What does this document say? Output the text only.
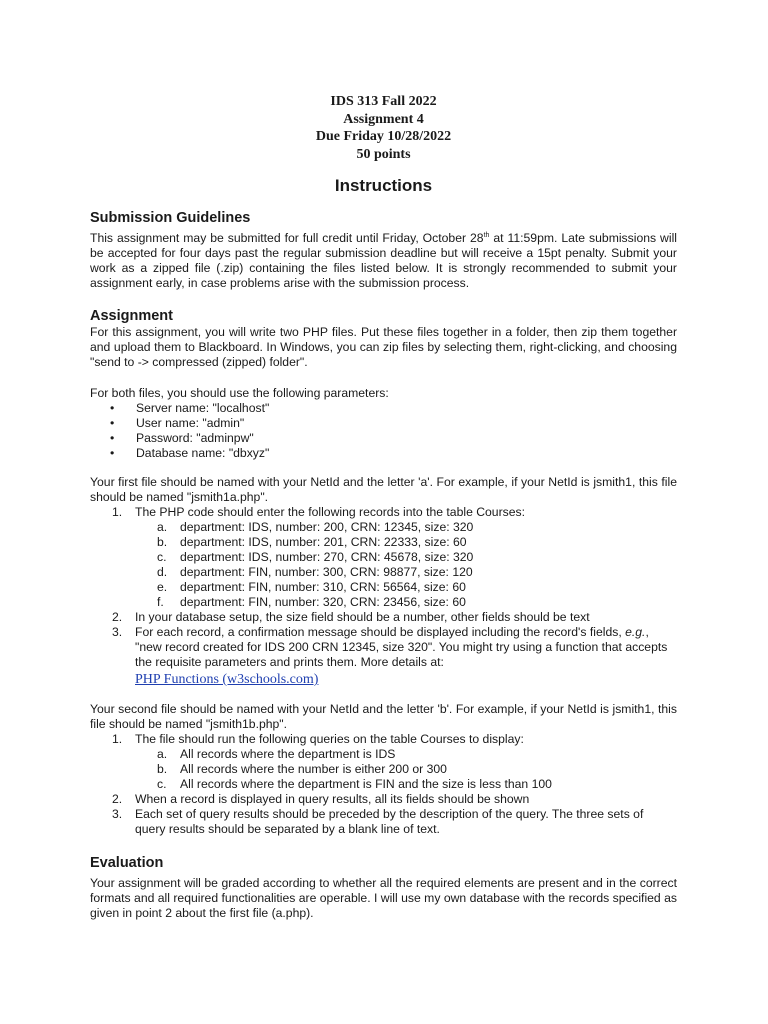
IDS 313 Fall 2022
Assignment 4
Due Friday 10/28/2022
50 points
Instructions
Submission Guidelines

This assignment may be submitted for full credit until Friday, October 28th at 11:59pm. Late submissions will be accepted for four days past the regular submission deadline but will receive a 15pt penalty. Submit your work as a zipped file (.zip) containing the files listed below. It is strongly recommended to submit your assignment early, in case problems arise with the submission process.

Assignment

For this assignment, you will write two PHP files. Put these files together in a folder, then zip them together and upload them to Blackboard. In Windows, you can zip files by selecting them, right-clicking, and choosing "send to -> compressed (zipped) folder".

For both files, you should use the following parameters:

• Server name: "localhost"
• User name: "admin"
• Password: "adminpw"
• Database name: "dbxyz"

Your first file should be named with your NetId and the letter 'a'. For example, if your NetId is jsmith1, this file should be named "jsmith1a.php".

1. The PHP code should enter the following records into the table Courses:
a. department: IDS, number: 200, CRN: 12345, size: 320
b. department: IDS, number: 201, CRN: 22333, size: 60
c. department: IDS, number: 270, CRN: 45678, size: 320
d. department: FIN, number: 300, CRN: 98877, size: 120
e. department: FIN, number: 310, CRN: 56564, size: 60
f. department: FIN, number: 320, CRN: 23456, size: 60
2. In your database setup, the size field should be a number, other fields should be text
3. For each record, a confirmation message should be displayed including the record's fields, e.g., "new record created for IDS 200 CRN 12345, size 320". You might try using a function that accepts the requisite parameters and prints them. More details at:
PHP Functions (w3schools.com)

Your second file should be named with your NetId and the letter 'b'. For example, if your NetId is jsmith1, this file should be named "jsmith1b.php".

1. The file should run the following queries on the table Courses to display:
a. All records where the department is IDS
b. All records where the number is either 200 or 300
c. All records where the department is FIN and the size is less than 100
2. When a record is displayed in query results, all its fields should be shown
3. Each set of query results should be preceded by the description of the query. The three sets of query results should be separated by a blank line of text.
Evaluation

Your assignment will be graded according to whether all the required elements are present and in the correct formats and all required functionalities are operable. I will use my own database with the records specified as given in point 2 about the first file (a.php).
